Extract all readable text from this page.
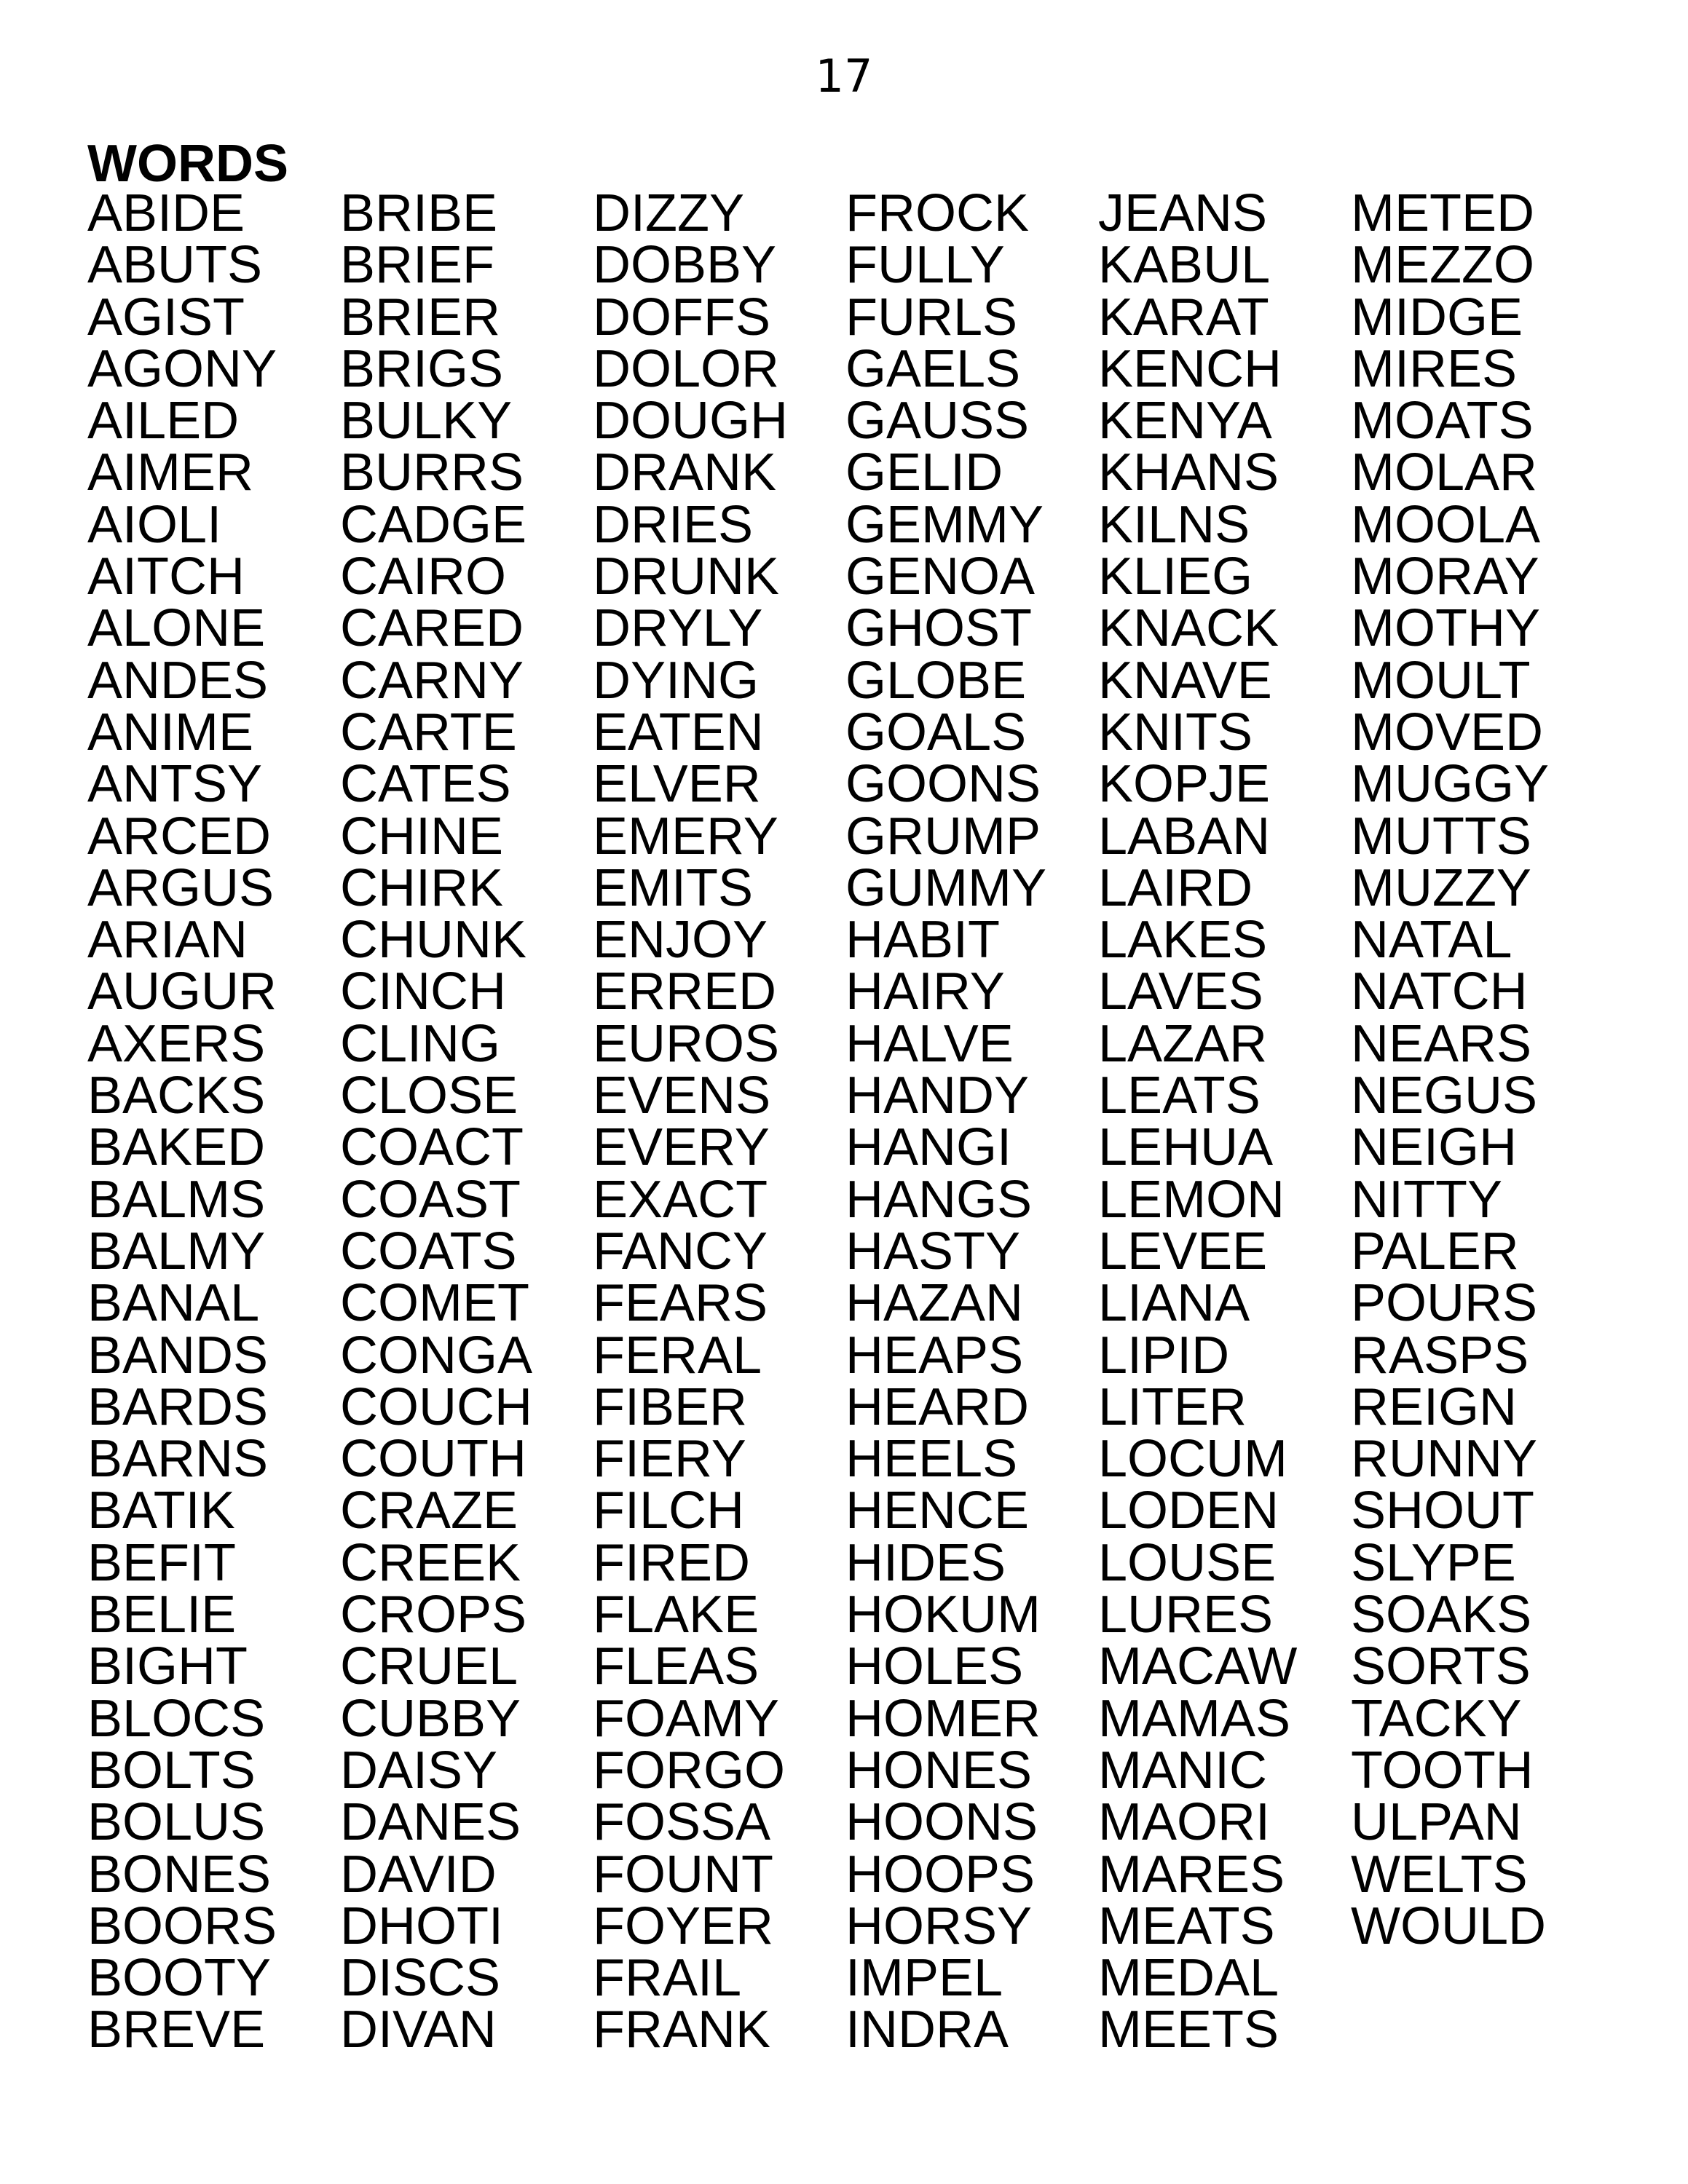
17
WORDS
ABIDE
ABUTS
AGIST
AGONY
AILED
AIMER
AIOLI
AITCH
ALONE
ANDES
ANIME
ANTSY
ARCED
ARGUS
ARIAN
AUGUR
AXERS
BACKS
BAKED
BALMS
BALMY
BANAL
BANDS
BARDS
BARNS
BATIK
BEFIT
BELIE
BIGHT
BLOCS
BOLTS
BOLUS
BONES
BOORS
BOOTY
BREVE
BRIBE
BRIEF
BRIER
BRIGS
BULKY
BURRS
CADGE
CAIRO
CARED
CARNY
CARTE
CATES
CHINE
CHIRK
CHUNK
CINCH
CLING
CLOSE
COACT
COAST
COATS
COMET
CONGA
COUCH
COUTH
CRAZE
CREEK
CROPS
CRUEL
CUBBY
DAISY
DANES
DAVID
DHOTI
DISCS
DIVAN
DIZZY
DOBBY
DOFFS
DOLOR
DOUGH
DRANK
DRIES
DRUNK
DRYLY
DYING
EATEN
ELVER
EMERY
EMITS
ENJOY
ERRED
EUROS
EVENS
EVERY
EXACT
FANCY
FEARS
FERAL
FIBER
FIERY
FILCH
FIRED
FLAKE
FLEAS
FOAMY
FORGO
FOSSA
FOUNT
FOYER
FRAIL
FRANK
FROCK
FULLY
FURLS
GAELS
GAUSS
GELID
GEMMY
GENOA
GHOST
GLOBE
GOALS
GOONS
GRUMP
GUMMY
HABIT
HAIRY
HALVE
HANDY
HANGI
HANGS
HASTY
HAZAN
HEAPS
HEARD
HEELS
HENCE
HIDES
HOKUM
HOLES
HOMER
HONES
HOONS
HOOPS
HORSY
IMPEL
INDRA
JEANS
KABUL
KARAT
KENCH
KENYA
KHANS
KILNS
KLIEG
KNACK
KNAVE
KNITS
KOPJE
LABAN
LAIRD
LAKES
LAVES
LAZAR
LEATS
LEHUA
LEMON
LEVEE
LIANA
LIPID
LITER
LOCUM
LODEN
LOUSE
LURES
MACAW
MAMAS
MANIC
MAORI
MARES
MEATS
MEDAL
MEETS
METED
MEZZO
MIDGE
MIRES
MOATS
MOLAR
MOOLA
MORAY
MOTHY
MOULT
MOVED
MUGGY
MUTTS
MUZZY
NATAL
NATCH
NEARS
NEGUS
NEIGH
NITTY
PALER
POURS
RASPS
REIGN
RUNNY
SHOUT
SLYPE
SOAKS
SORTS
TACKY
TOOTH
ULPAN
WELTS
WOULD
